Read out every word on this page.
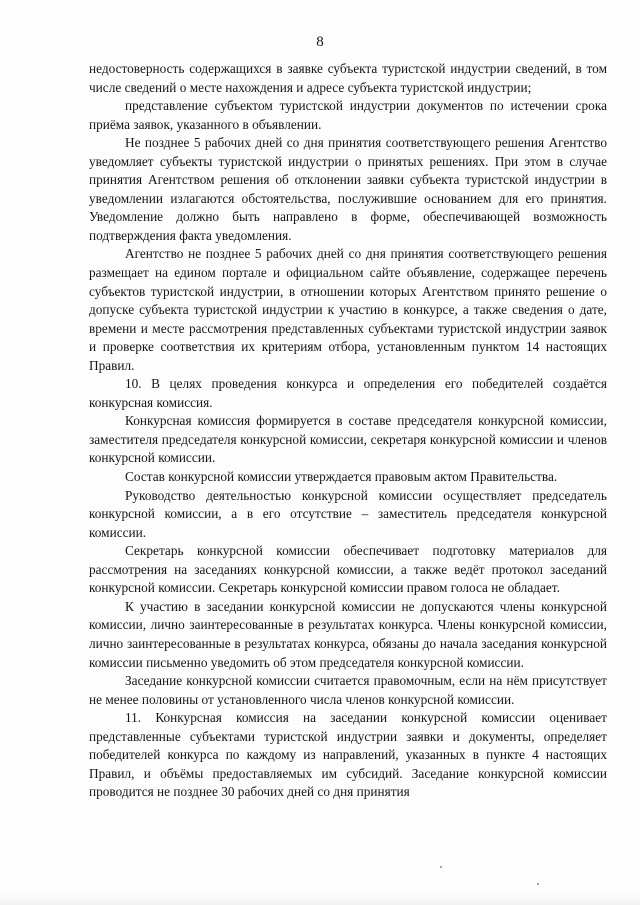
8

недостоверность содержащихся в заявке субъекта туристской индустрии сведений, в том числе сведений о месте нахождения и адресе субъекта туристской индустрии;

представление субъектом туристской индустрии документов по истечении срока приёма заявок, указанного в объявлении.

Не позднее 5 рабочих дней со дня принятия соответствующего решения Агентство уведомляет субъекты туристской индустрии о принятых решениях. При этом в случае принятия Агентством решения об отклонении заявки субъекта туристской индустрии в уведомлении излагаются обстоятельства, послужившие основанием для его принятия. Уведомление должно быть направлено в форме, обеспечивающей возможность подтверждения факта уведомления.

Агентство не позднее 5 рабочих дней со дня принятия соответствующего решения размещает на едином портале и официальном сайте объявление, содержащее перечень субъектов туристской индустрии, в отношении которых Агентством принято решение о допуске субъекта туристской индустрии к участию в конкурсе, а также сведения о дате, времени и месте рассмотрения представленных субъектами туристской индустрии заявок и проверке соответствия их критериям отбора, установленным пунктом 14 настоящих Правил.

10. В целях проведения конкурса и определения его победителей создаётся конкурсная комиссия.

Конкурсная комиссия формируется в составе председателя конкурсной комиссии, заместителя председателя конкурсной комиссии, секретаря конкурсной комиссии и членов конкурсной комиссии.

Состав конкурсной комиссии утверждается правовым актом Правительства.

Руководство деятельностью конкурсной комиссии осуществляет председатель конкурсной комиссии, а в его отсутствие – заместитель председателя конкурсной комиссии.

Секретарь конкурсной комиссии обеспечивает подготовку материалов для рассмотрения на заседаниях конкурсной комиссии, а также ведёт протокол заседаний конкурсной комиссии. Секретарь конкурсной комиссии правом голоса не обладает.

К участию в заседании конкурсной комиссии не допускаются члены конкурсной комиссии, лично заинтересованные в результатах конкурса. Члены конкурсной комиссии, лично заинтересованные в результатах конкурса, обязаны до начала заседания конкурсной комиссии письменно уведомить об этом председателя конкурсной комиссии.

Заседание конкурсной комиссии считается правомочным, если на нём присутствует не менее половины от установленного числа членов конкурсной комиссии.

11. Конкурсная комиссия на заседании конкурсной комиссии оценивает представленные субъектами туристской индустрии заявки и документы, определяет победителей конкурса по каждому из направлений, указанных в пункте 4 настоящих Правил, и объёмы предоставляемых им субсидий. Заседание конкурсной комиссии проводится не позднее 30 рабочих дней со дня принятия
